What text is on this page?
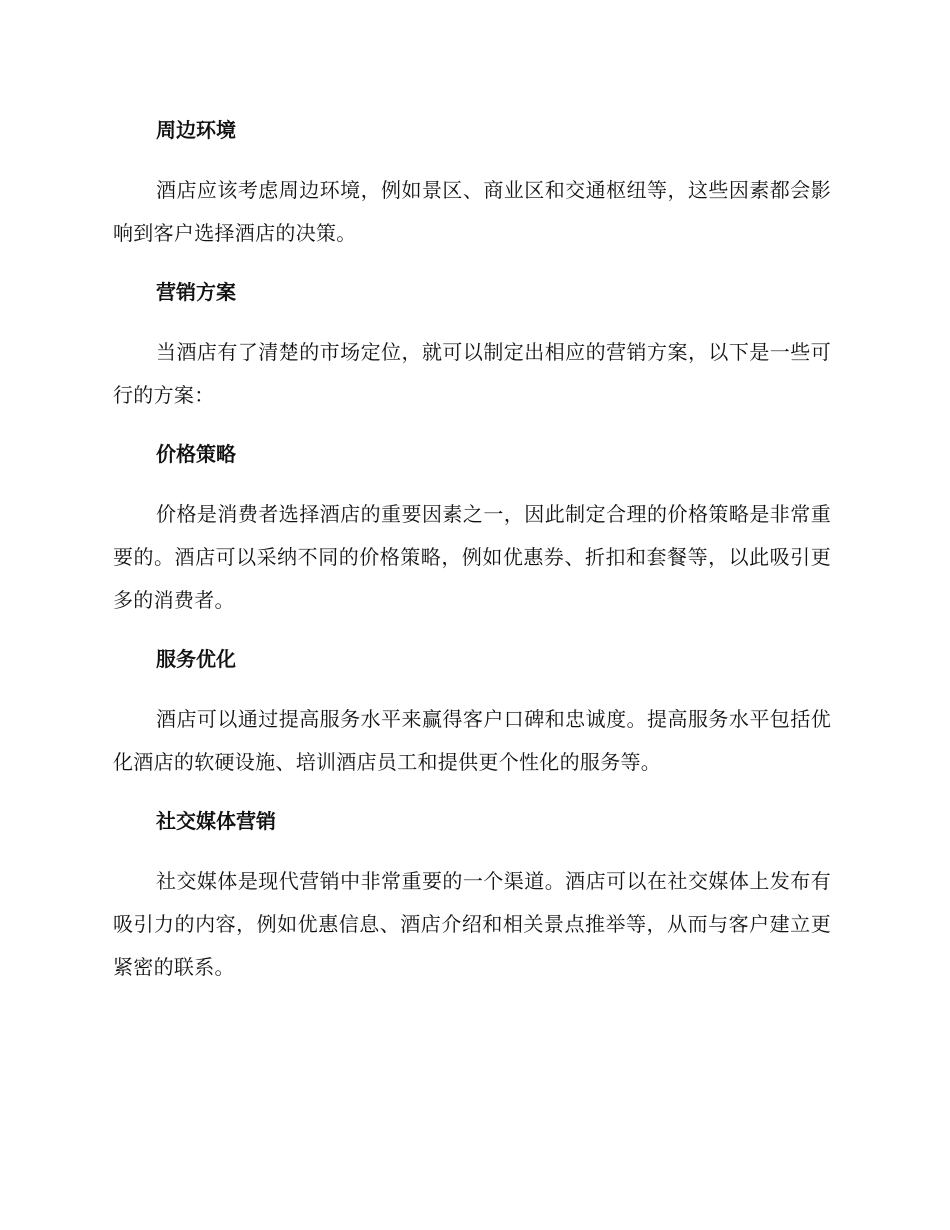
周边环境

酒店应该考虑周边环境，例如景区、商业区和交通枢纽等，这些因素都会影响到客户选择酒店的决策。

营销方案

当酒店有了清楚的市场定位，就可以制定出相应的营销方案，以下是一些可行的方案：

价格策略

价格是消费者选择酒店的重要因素之一，因此制定合理的价格策略是非常重要的。酒店可以采纳不同的价格策略，例如优惠券、折扣和套餐等，以此吸引更多的消费者。

服务优化

酒店可以通过提高服务水平来赢得客户口碑和忠诚度。提高服务水平包括优化酒店的软硬设施、培训酒店员工和提供更个性化的服务等。

社交媒体营销

社交媒体是现代营销中非常重要的一个渠道。酒店可以在社交媒体上发布有吸引力的内容，例如优惠信息、酒店介绍和相关景点推举等，从而与客户建立更紧密的联系。
